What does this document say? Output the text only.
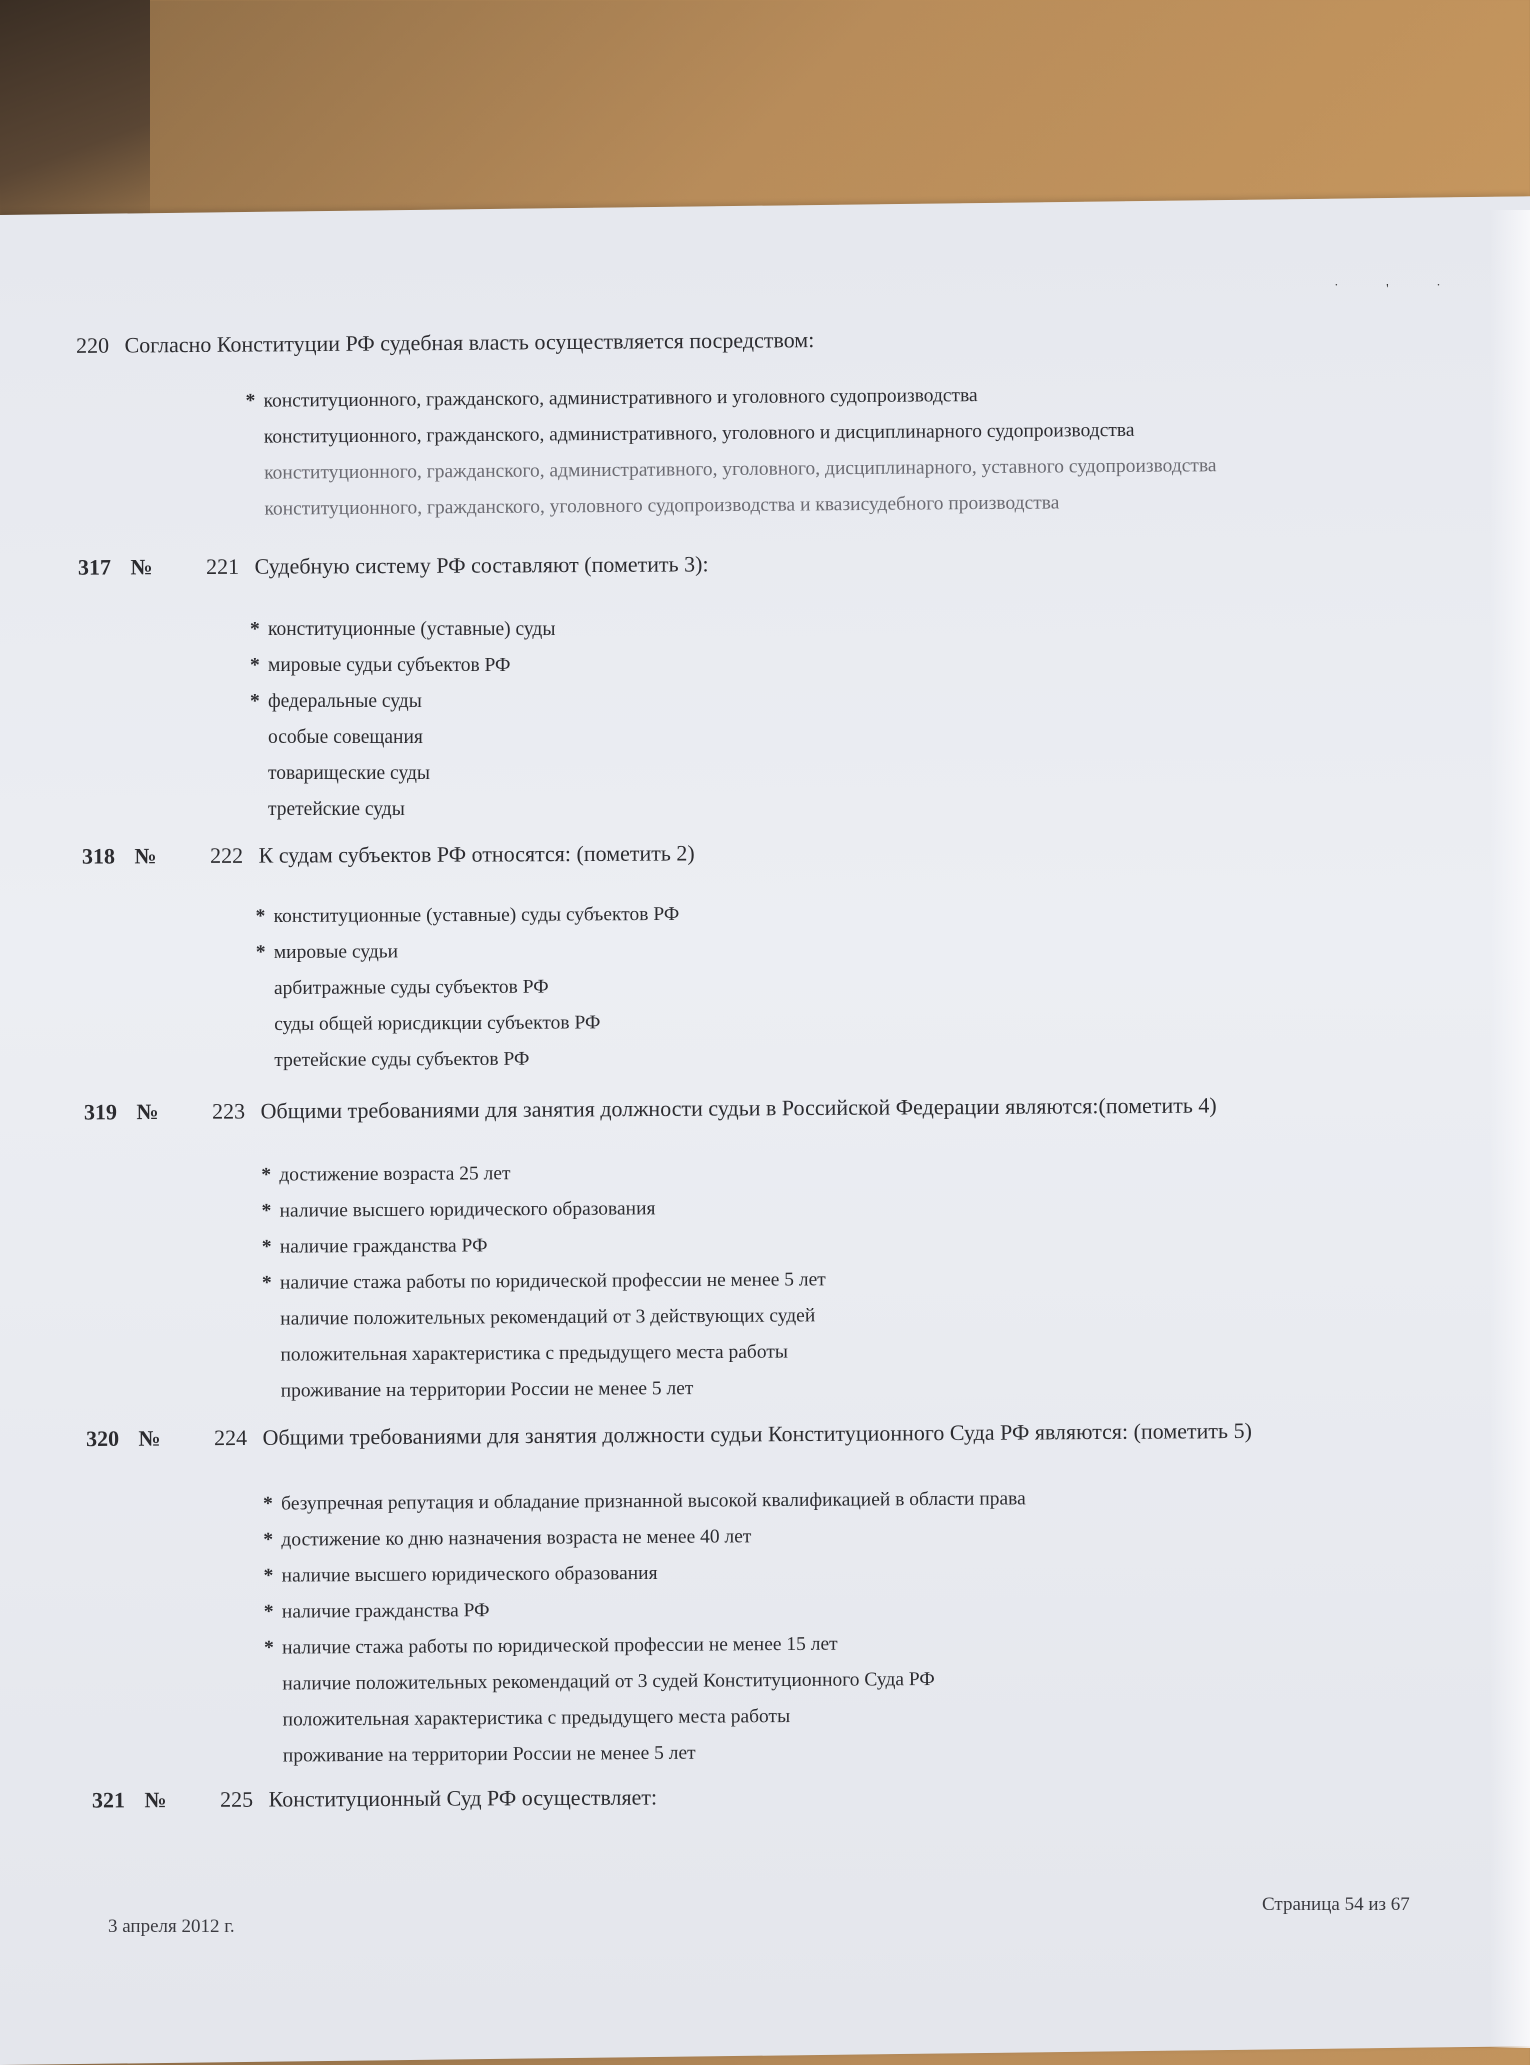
˙ ' ˙
220 Согласно Конституции РФ судебная власть осуществляется посредством:
* конституционного, гражданского, административного и уголовного судопроизводства
конституционного, гражданского, административного, уголовного и дисциплинарного судопроизводства
конституционного, гражданского, административного, уголовного, дисциплинарного, уставного судопроизводства
конституционного, гражданского, уголовного судопроизводства и квазисудебного производства
317 № 221 Судебную систему РФ составляют (пометить 3):
* конституционные (уставные) суды
* мировые судьи субъектов РФ
* федеральные суды
особые совещания
товарищеские суды
третейские суды
318 № 222 К судам субъектов РФ относятся: (пометить 2)
* конституционные (уставные) суды субъектов РФ
* мировые судьи
арбитражные суды субъектов РФ
суды общей юрисдикции субъектов РФ
третейские суды субъектов РФ
319 № 223 Общими требованиями для занятия должности судьи в Российской Федерации являются:(пометить 4)
* достижение возраста 25 лет
* наличие высшего юридического образования
* наличие гражданства РФ
* наличие стажа работы по юридической профессии не менее 5 лет
наличие положительных рекомендаций от 3 действующих судей
положительная характеристика с предыдущего места работы
проживание на территории России не менее 5 лет
320 № 224 Общими требованиями для занятия должности судьи Конституционного Суда РФ являются: (пометить 5)
* безупречная репутация и обладание признанной высокой квалификацией в области права
* достижение ко дню назначения возраста не менее 40 лет
* наличие высшего юридического образования
* наличие гражданства РФ
* наличие стажа работы по юридической профессии не менее 15 лет
наличие положительных рекомендаций от 3 судей Конституционного Суда РФ
положительная характеристика с предыдущего места работы
проживание на территории России не менее 5 лет
321 № 225 Конституционный Суд РФ осуществляет:
3 апреля 2012 г.
Страница 54 из 67
